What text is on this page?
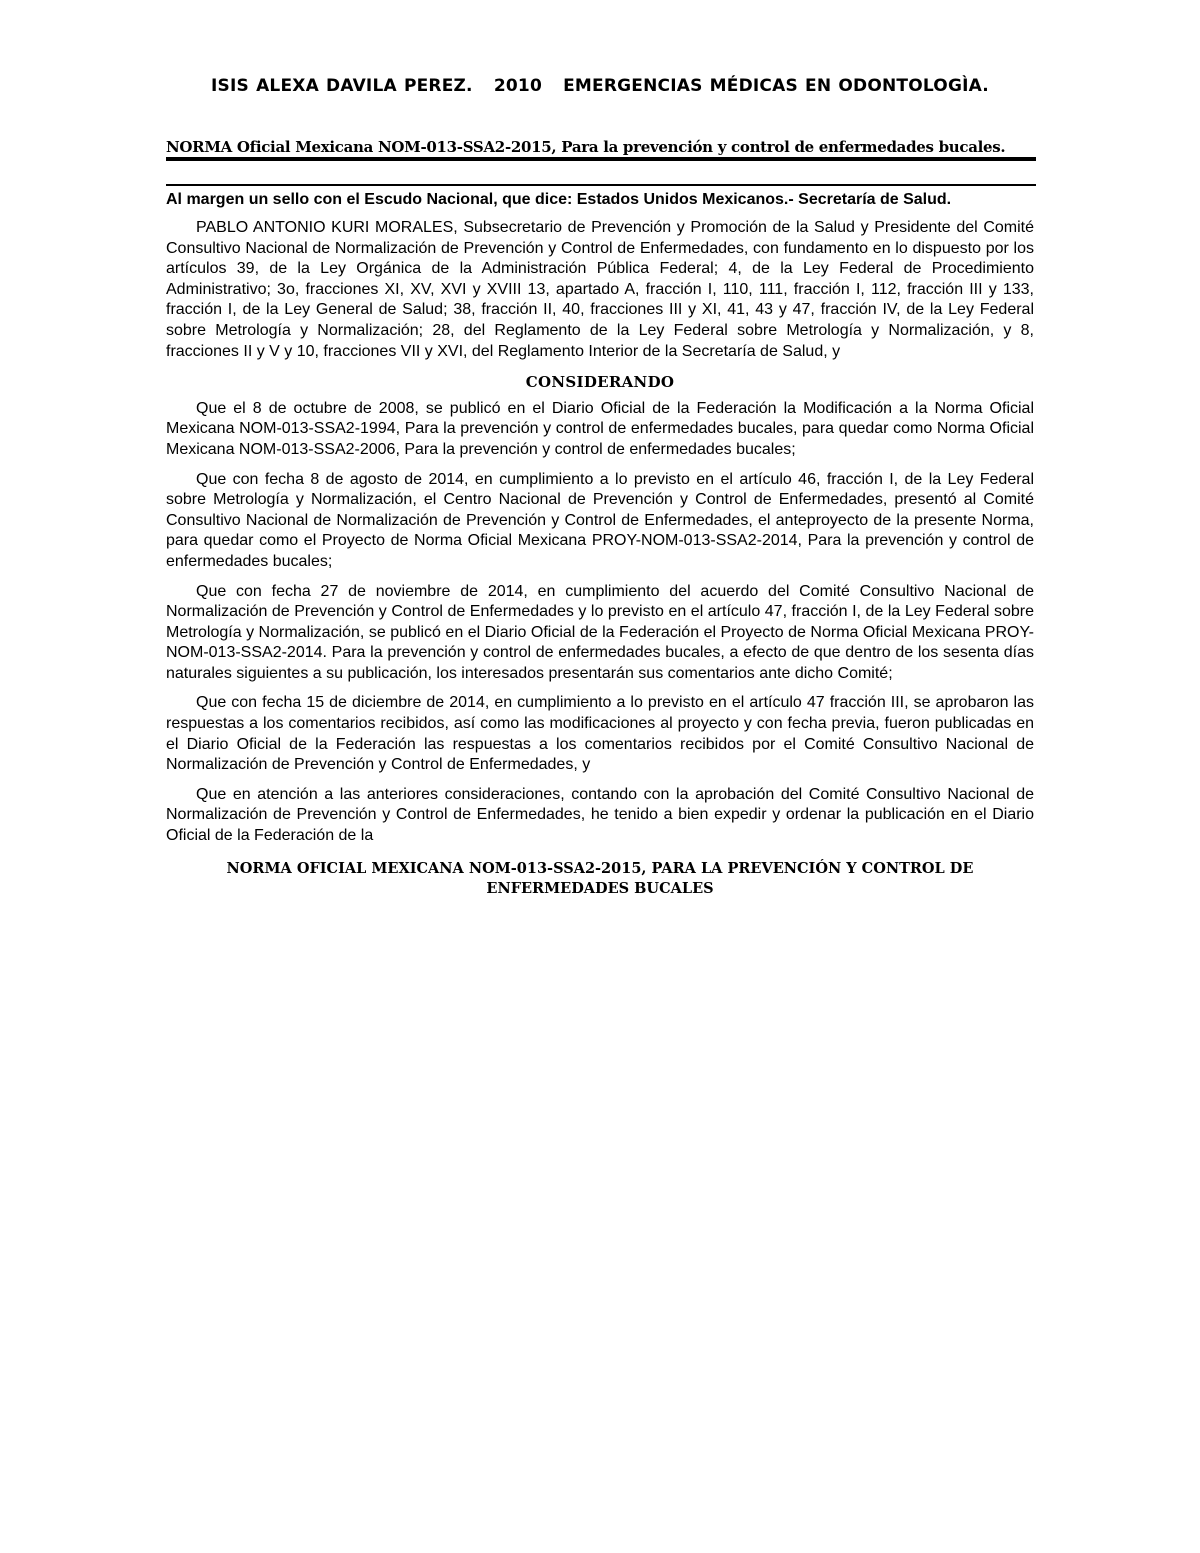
ISIS ALEXA DAVILA PEREZ. 2010 EMERGENCIAS MÉDICAS EN ODONTOLOGÌA.
NORMA Oficial Mexicana NOM-013-SSA2-2015, Para la prevención y control de enfermedades bucales.
Al margen un sello con el Escudo Nacional, que dice: Estados Unidos Mexicanos.- Secretaría de Salud.

PABLO ANTONIO KURI MORALES, Subsecretario de Prevención y Promoción de la Salud y Presidente del Comité Consultivo Nacional de Normalización de Prevención y Control de Enfermedades, con fundamento en lo dispuesto por los artículos 39, de la Ley Orgánica de la Administración Pública Federal; 4, de la Ley Federal de Procedimiento Administrativo; 3o, fracciones XI, XV, XVI y XVIII 13, apartado A, fracción I, 110, 111, fracción I, 112, fracción III y 133, fracción I, de la Ley General de Salud; 38, fracción II, 40, fracciones III y XI, 41, 43 y 47, fracción IV, de la Ley Federal sobre Metrología y Normalización; 28, del Reglamento de la Ley Federal sobre Metrología y Normalización, y 8, fracciones II y V y 10, fracciones VII y XVI, del Reglamento Interior de la Secretaría de Salud, y

CONSIDERANDO

Que el 8 de octubre de 2008, se publicó en el Diario Oficial de la Federación la Modificación a la Norma Oficial Mexicana NOM-013-SSA2-1994, Para la prevención y control de enfermedades bucales, para quedar como Norma Oficial Mexicana NOM-013-SSA2-2006, Para la prevención y control de enfermedades bucales;

Que con fecha 8 de agosto de 2014, en cumplimiento a lo previsto en el artículo 46, fracción I, de la Ley Federal sobre Metrología y Normalización, el Centro Nacional de Prevención y Control de Enfermedades, presentó al Comité Consultivo Nacional de Normalización de Prevención y Control de Enfermedades, el anteproyecto de la presente Norma, para quedar como el Proyecto de Norma Oficial Mexicana PROY-NOM-013-SSA2-2014, Para la prevención y control de enfermedades bucales;

Que con fecha 27 de noviembre de 2014, en cumplimiento del acuerdo del Comité Consultivo Nacional de Normalización de Prevención y Control de Enfermedades y lo previsto en el artículo 47, fracción I, de la Ley Federal sobre Metrología y Normalización, se publicó en el Diario Oficial de la Federación el Proyecto de Norma Oficial Mexicana PROY-NOM-013-SSA2-2014. Para la prevención y control de enfermedades bucales, a efecto de que dentro de los sesenta días naturales siguientes a su publicación, los interesados presentarán sus comentarios ante dicho Comité;

Que con fecha 15 de diciembre de 2014, en cumplimiento a lo previsto en el artículo 47 fracción III, se aprobaron las respuestas a los comentarios recibidos, así como las modificaciones al proyecto y con fecha previa, fueron publicadas en el Diario Oficial de la Federación las respuestas a los comentarios recibidos por el Comité Consultivo Nacional de Normalización de Prevención y Control de Enfermedades, y

Que en atención a las anteriores consideraciones, contando con la aprobación del Comité Consultivo Nacional de Normalización de Prevención y Control de Enfermedades, he tenido a bien expedir y ordenar la publicación en el Diario Oficial de la Federación de la

NORMA OFICIAL MEXICANA NOM-013-SSA2-2015, PARA LA PREVENCIÓN Y CONTROL DE ENFERMEDADES BUCALES
